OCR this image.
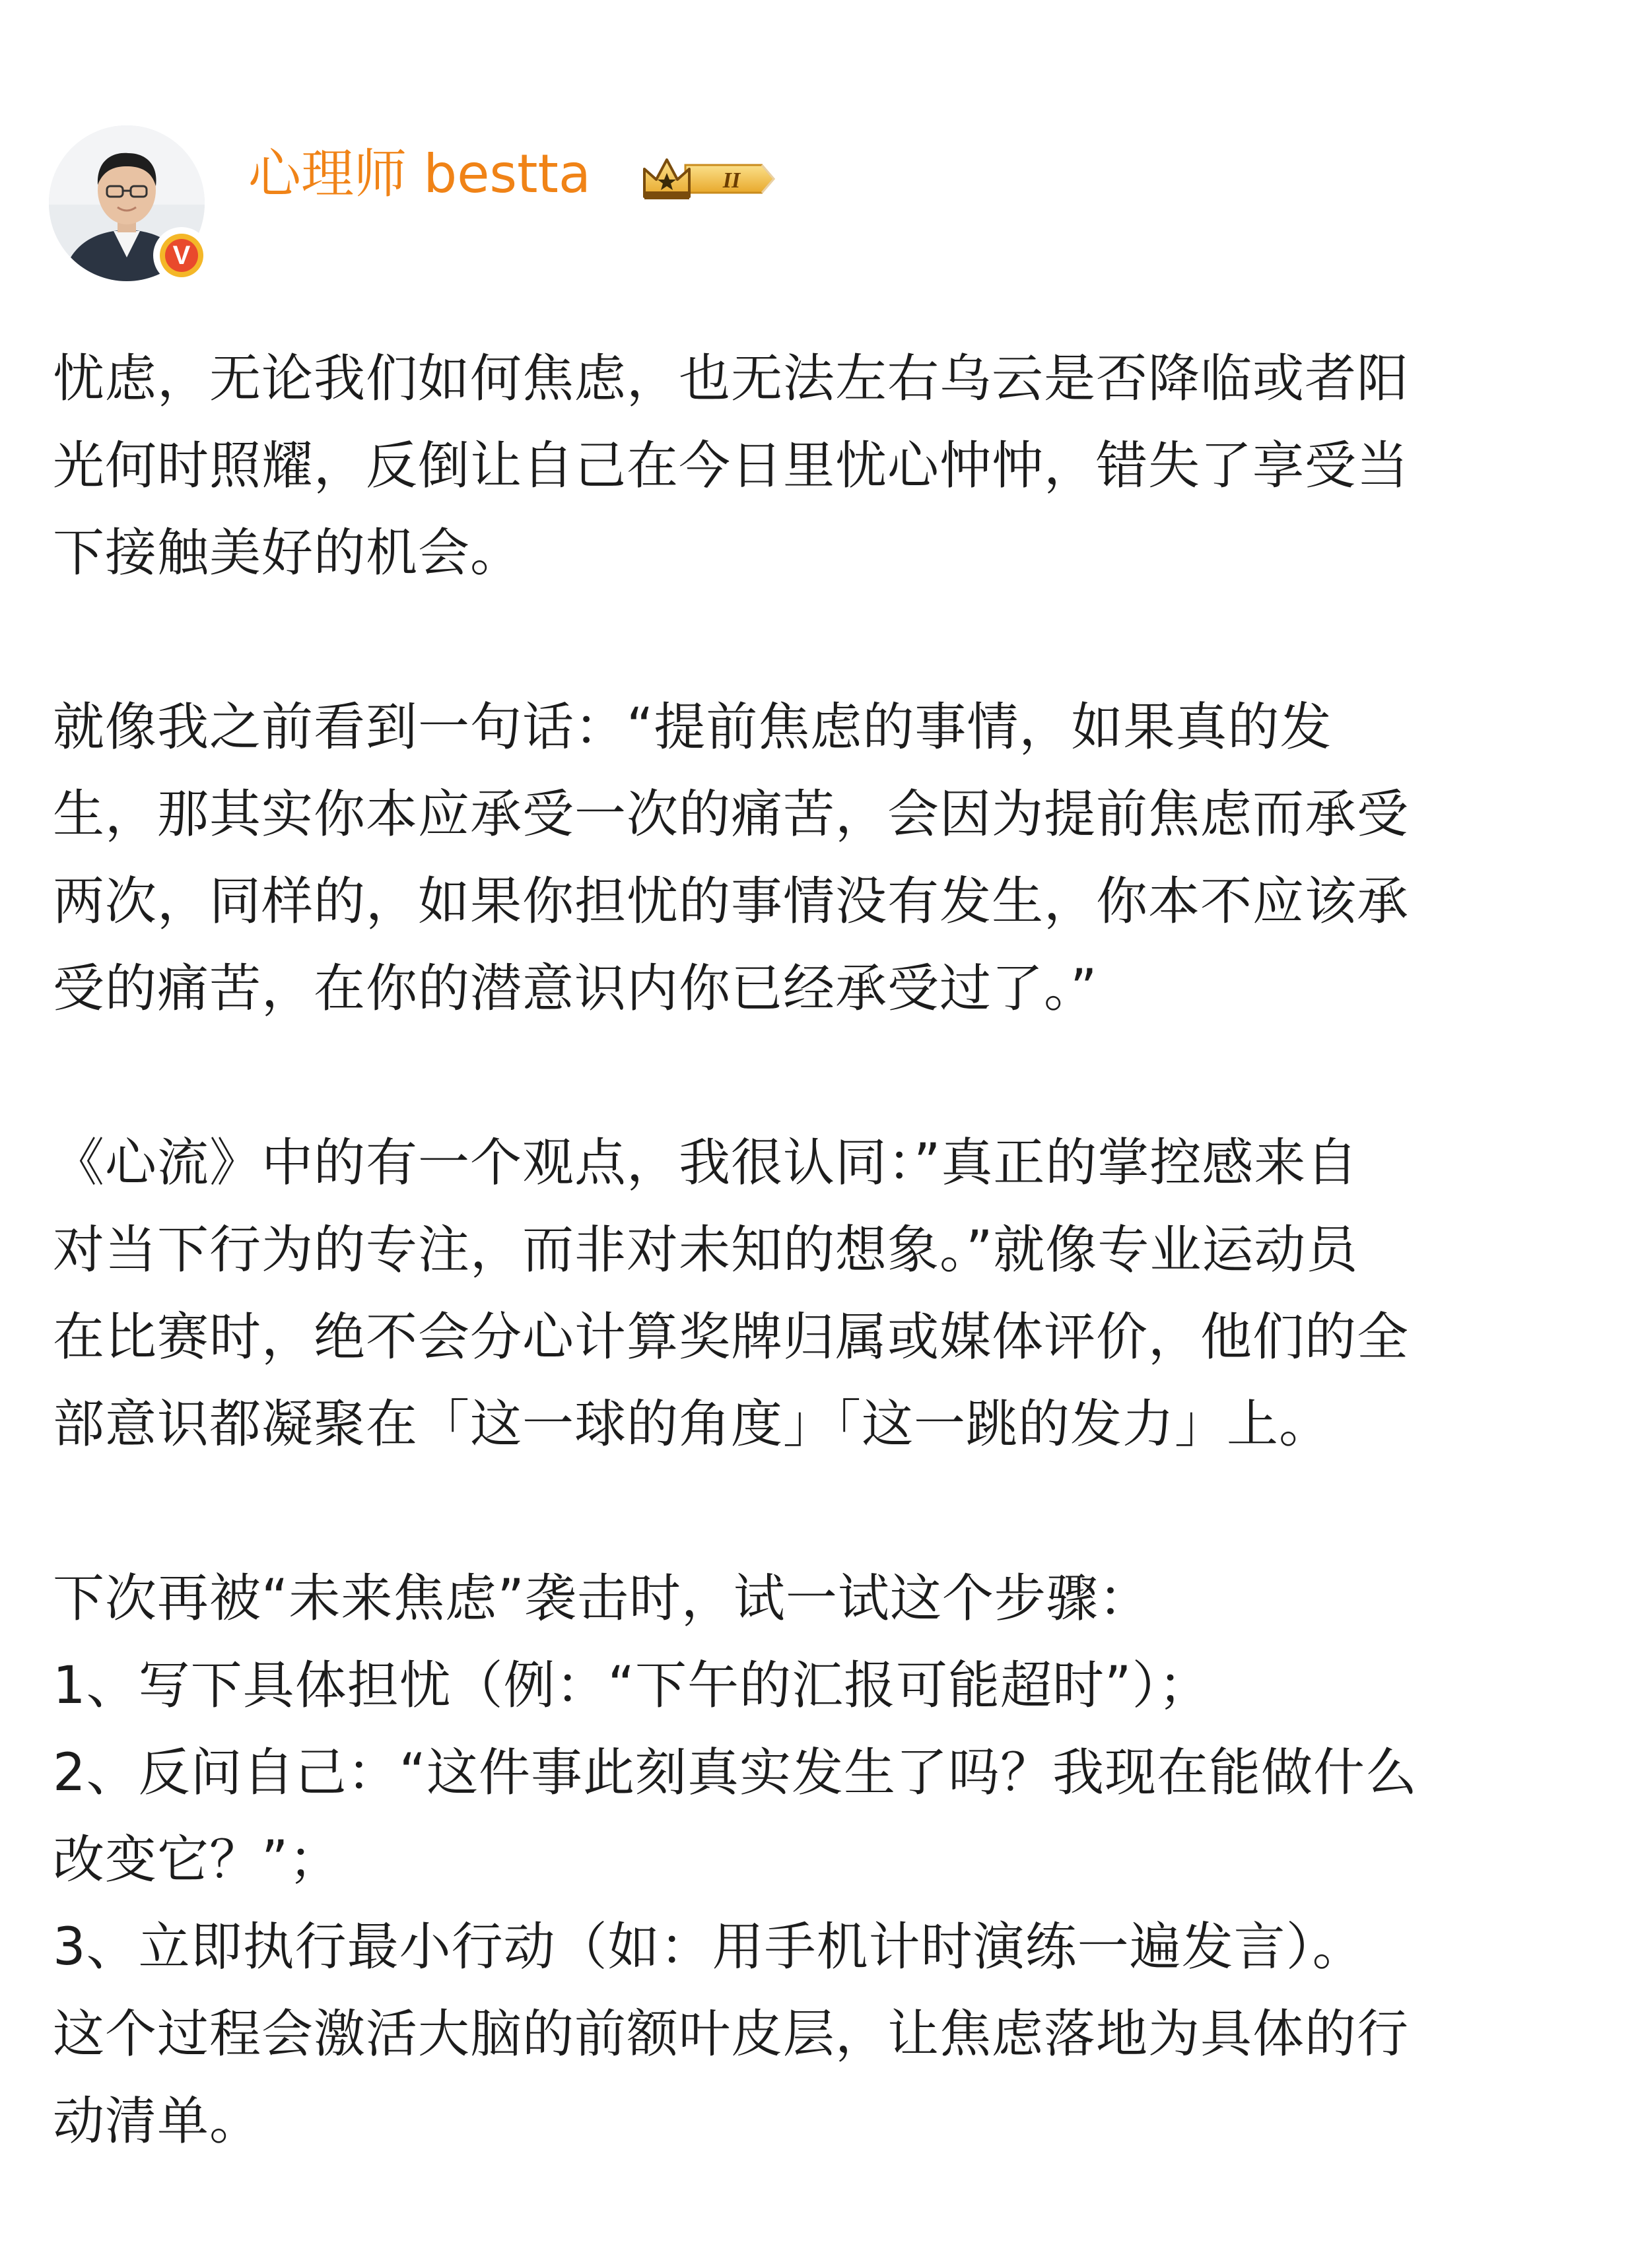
V
心理师 bestta	II
忧虑，无论我们如何焦虑，也无法左右乌云是否降临或者阳
光何时照耀，反倒让自己在今日里忧心忡忡，错失了享受当
下接触美好的机会。
就像我之前看到一句话：“提前焦虑的事情，如果真的发
生，那其实你本应承受一次的痛苦，会因为提前焦虑而承受
两次，同样的，如果你担忧的事情没有发生，你本不应该承
受的痛苦，在你的潜意识内你已经承受过了。”
《心流》中的有一个观点，我很认同：”真正的掌控感来自
对当下行为的专注，而非对未知的想象。”就像专业运动员
在比赛时，绝不会分心计算奖牌归属或媒体评价，他们的全
部意识都凝聚在「这一球的角度」「这一跳的发力」上。
下次再被“未来焦虑”袭击时，试一试这个步骤：
1、写下具体担忧（例：“下午的汇报可能超时”）；
2、反问自己：“这件事此刻真实发生了吗？我现在能做什么
改变它？”；
3、立即执行最小行动（如：用手机计时演练一遍发言）。
这个过程会激活大脑的前额叶皮层，让焦虑落地为具体的行
动清单。
